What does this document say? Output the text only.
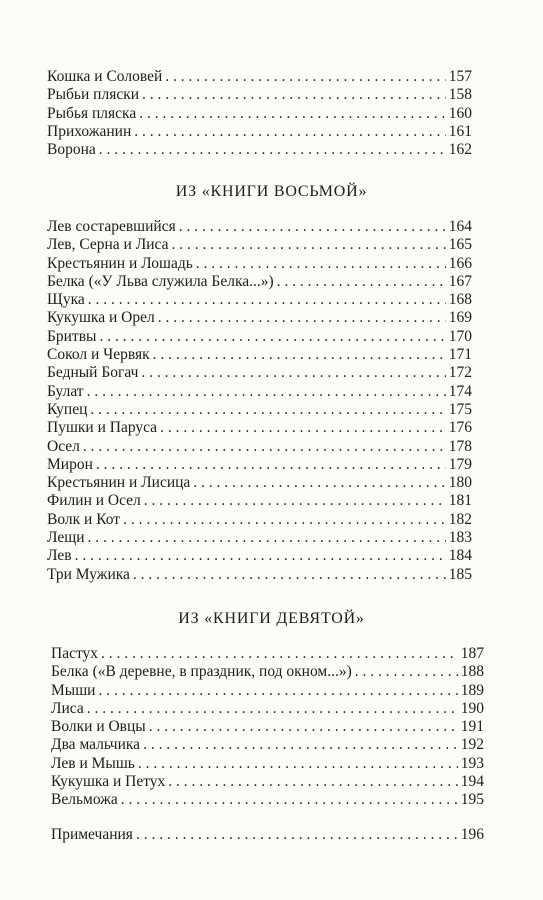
Кошка и Соловей . . .	157
Рыбьи пляски . . .	158
Рыбья пляска . . .	160
Прихожанин . . .	161
Ворона . . .	162
ИЗ «КНИГИ ВОСЬМОЙ»
Лев состаревшийся . . .	164
Лев, Серна и Лиса . . .	165
Крестьянин и Лошадь . . .	166
Белка («У Льва служила Белка...») . . .	167
Щука . . .	168
Кукушка и Орел . . .	169
Бритвы . . .	170
Сокол и Червяк . . .	171
Бедный Богач . . .	172
Булат . . .	174
Купец . . .	175
Пушки и Паруса . . .	176
Осел . . .	178
Мирон . . .	179
Крестьянин и Лисица . . .	180
Филин и Осел . . .	181
Волк и Кот . . .	182
Лещи . . .	183
Лев . . .	184
Три Мужика . . .	185
ИЗ «КНИГИ ДЕВЯТОЙ»
Пастух . . .	187
Белка («В деревне, в праздник, под окном...») . . .	188
Мыши . . .	189
Лиса . . .	190
Волки и Овцы . . .	191
Два мальчика . . .	192
Лев и Мышь . . .	193
Кукушка и Петух . . .	194
Вельможа . . .	195
Примечания . . .	196
